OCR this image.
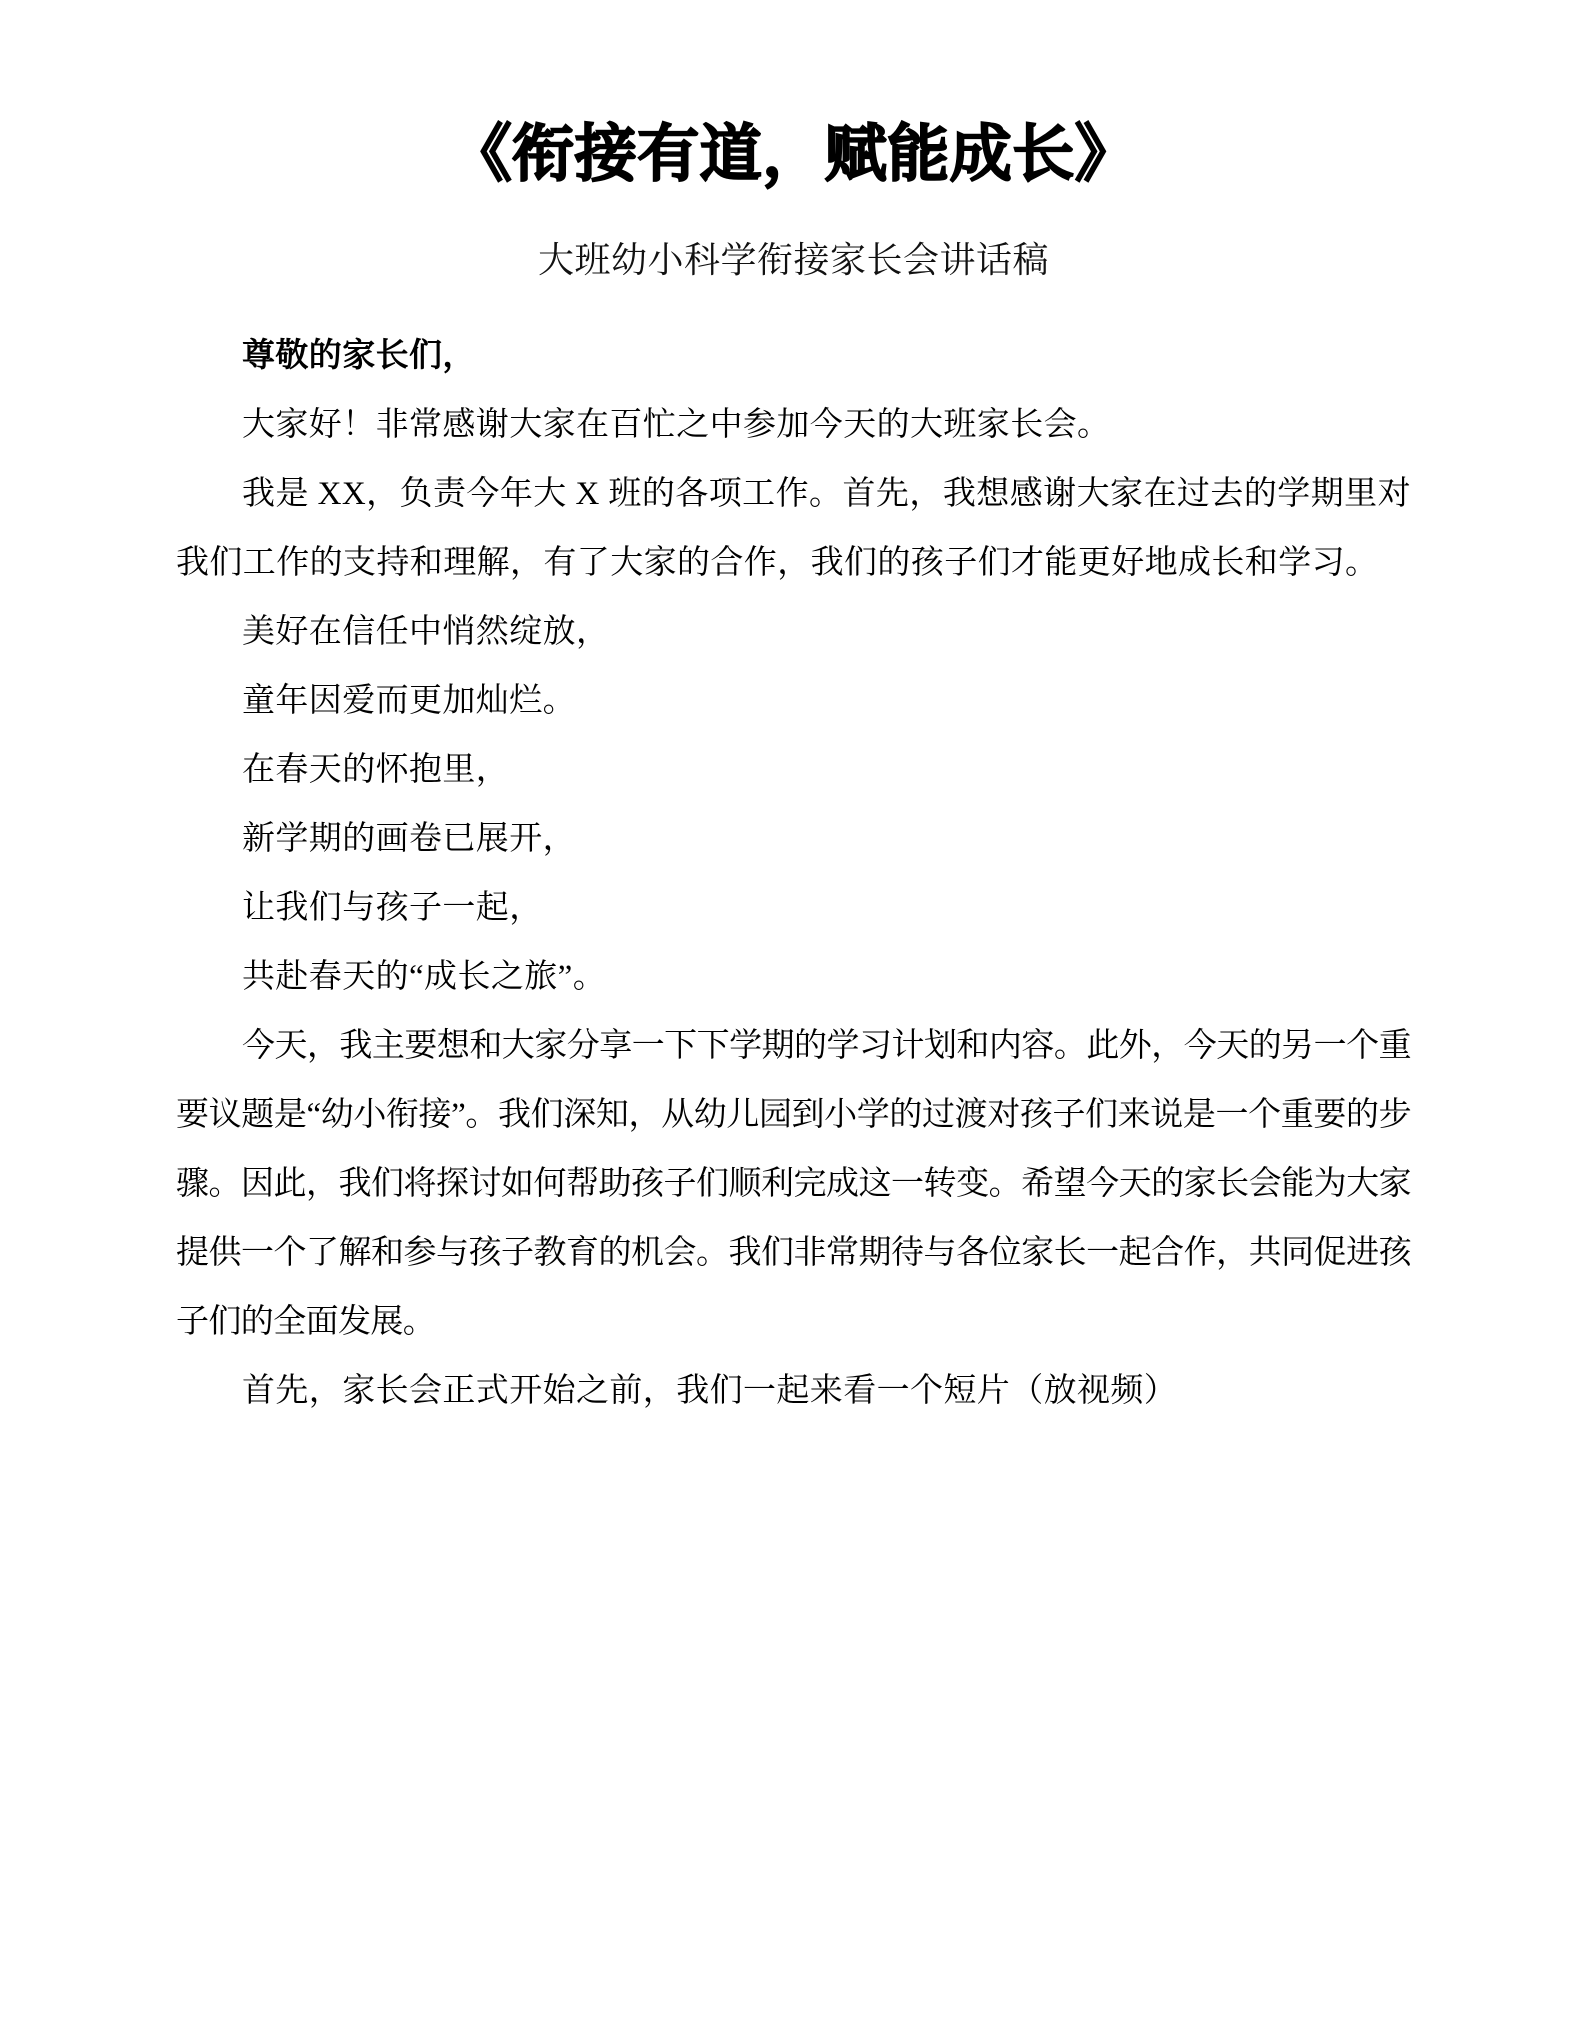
《衔接有道，赋能成长》
大班幼小科学衔接家长会讲话稿

尊敬的家长们，

大家好！非常感谢大家在百忙之中参加今天的大班家长会。

我是 XX，负责今年大 X 班的各项工作。首先，我想感谢大家在过去的学期里对我们工作的支持和理解，有了大家的合作，我们的孩子们才能更好地成长和学习。

美好在信任中悄然绽放，

童年因爱而更加灿烂。

在春天的怀抱里，

新学期的画卷已展开，

让我们与孩子一起，

共赴春天的“成长之旅”。

今天，我主要想和大家分享一下下学期的学习计划和内容。此外，今天的另一个重要议题是“幼小衔接”。我们深知，从幼儿园到小学的过渡对孩子们来说是一个重要的步骤。因此，我们将探讨如何帮助孩子们顺利完成这一转变。希望今天的家长会能为大家提供一个了解和参与孩子教育的机会。我们非常期待与各位家长一起合作，共同促进孩子们的全面发展。

首先，家长会正式开始之前，我们一起来看一个短片（放视频）
